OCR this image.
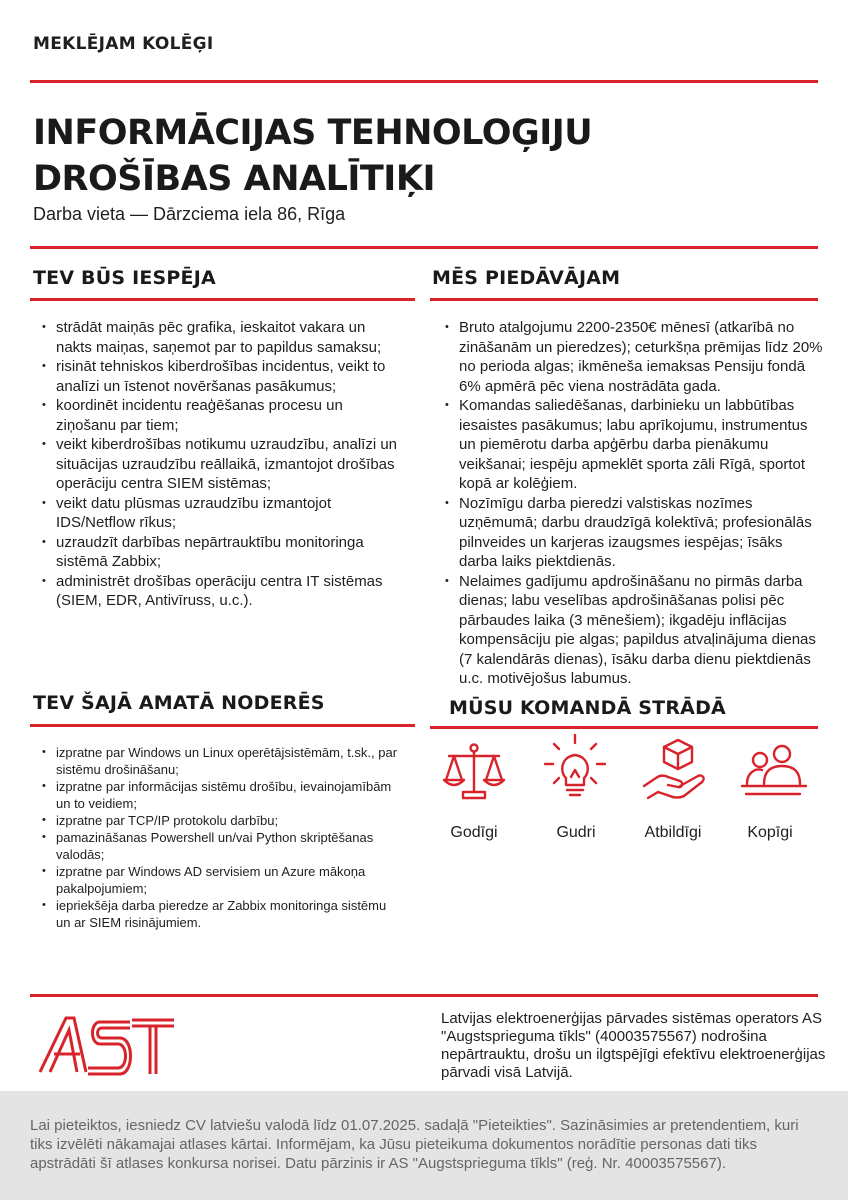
MEKLĒJAM KOLĒĢI
INFORMĀCIJAS TEHNOLOĢIJU
DROŠĪBAS ANALĪTIĶI
Darba vieta — Dārzciema iela 86, Rīga
TEV BŪS IESPĒJA
• strādāt maiņās pēc grafika, ieskaitot vakara un nakts maiņas, saņemot par to papildus samaksu;
• risināt tehniskos kiberdrošības incidentus, veikt to analīzi un īstenot novēršanas pasākumus;
• koordinēt incidentu reaģēšanas procesu un ziņošanu par tiem;
• veikt kiberdrošības notikumu uzraudzību, analīzi un situācijas uzraudzību reāllaikā, izmantojot drošības operāciju centra SIEM sistēmas;
• veikt datu plūsmas uzraudzību izmantojot IDS/Netflow rīkus;
• uzraudzīt darbības nepārtrauktību monitoringa sistēmā Zabbix;
• administrēt drošības operāciju centra IT sistēmas (SIEM, EDR, Antivīruss, u.c.).
MĒS PIEDĀVĀJAM
• Bruto atalgojumu 2200-2350€ mēnesī (atkarībā no zināšanām un pieredzes); ceturkšņa prēmijas līdz 20% no perioda algas; ikmēneša iemaksas Pensiju fondā 6% apmērā pēc viena nostrādāta gada.
• Komandas saliedēšanas, darbinieku un labbūtības iesaistes pasākumus; labu aprīkojumu, instrumentus un piemērotu darba apģērbu darba pienākumu veikšanai; iespēju apmeklēt sporta zāli Rīgā, sportot kopā ar kolēģiem.
• Nozīmīgu darba pieredzi valstiskas nozīmes uzņēmumā; darbu draudzīgā kolektīvā; profesionālās pilnveides un karjeras izaugsmes iespējas; īsāks darba laiks piektdienās.
• Nelaimes gadījumu apdrošināšanu no pirmās darba dienas; labu veselības apdrošināšanas polisi pēc pārbaudes laika (3 mēnešiem); ikgadēju inflācijas kompensāciju pie algas; papildus atvaļinājuma dienas (7 kalendārās dienas), īsāku darba dienu piektdienās u.c. motivējošus labumus.
TEV ŠAJĀ AMATĀ NODERĒS
• izpratne par Windows un Linux operētājsistēmām, t.sk., par sistēmu drošināšanu;
• izpratne par informācijas sistēmu drošību, ievainojamībām un to veidiem;
• izpratne par TCP/IP protokolu darbību;
• pamazināšanas Powershell un/vai Python skriptēšanas valodās;
• izpratne par Windows AD servisiem un Azure mākoņa pakalpojumiem;
• iepriekšēja darba pieredze ar Zabbix monitoringa sistēmu un ar SIEM risinājumiem.
MŪSU KOMANDĀ STRĀDĀ
Godīgi	Gudri	Atbildīgi	Kopīgi
Latvijas elektroenerģijas pārvades sistēmas operators AS "Augstsprieguma tīkls" (40003575567) nodrošina nepārtrauktu, drošu un ilgtspējīgi efektīvu elektroenerģijas pārvadi visā Latvijā.
Lai pieteiktos, iesniedz CV latviešu valodā līdz 01.07.2025. sadaļā "Pieteikties". Sazināsimies ar pretendentiem, kuri tiks izvēlēti nākamajai atlases kārtai. Informējam, ka Jūsu pieteikuma dokumentos norādītie personas dati tiks apstrādāti šī atlases konkursa norisei. Datu pārzinis ir AS "Augstsprieguma tīkls" (reģ. Nr. 40003575567).
